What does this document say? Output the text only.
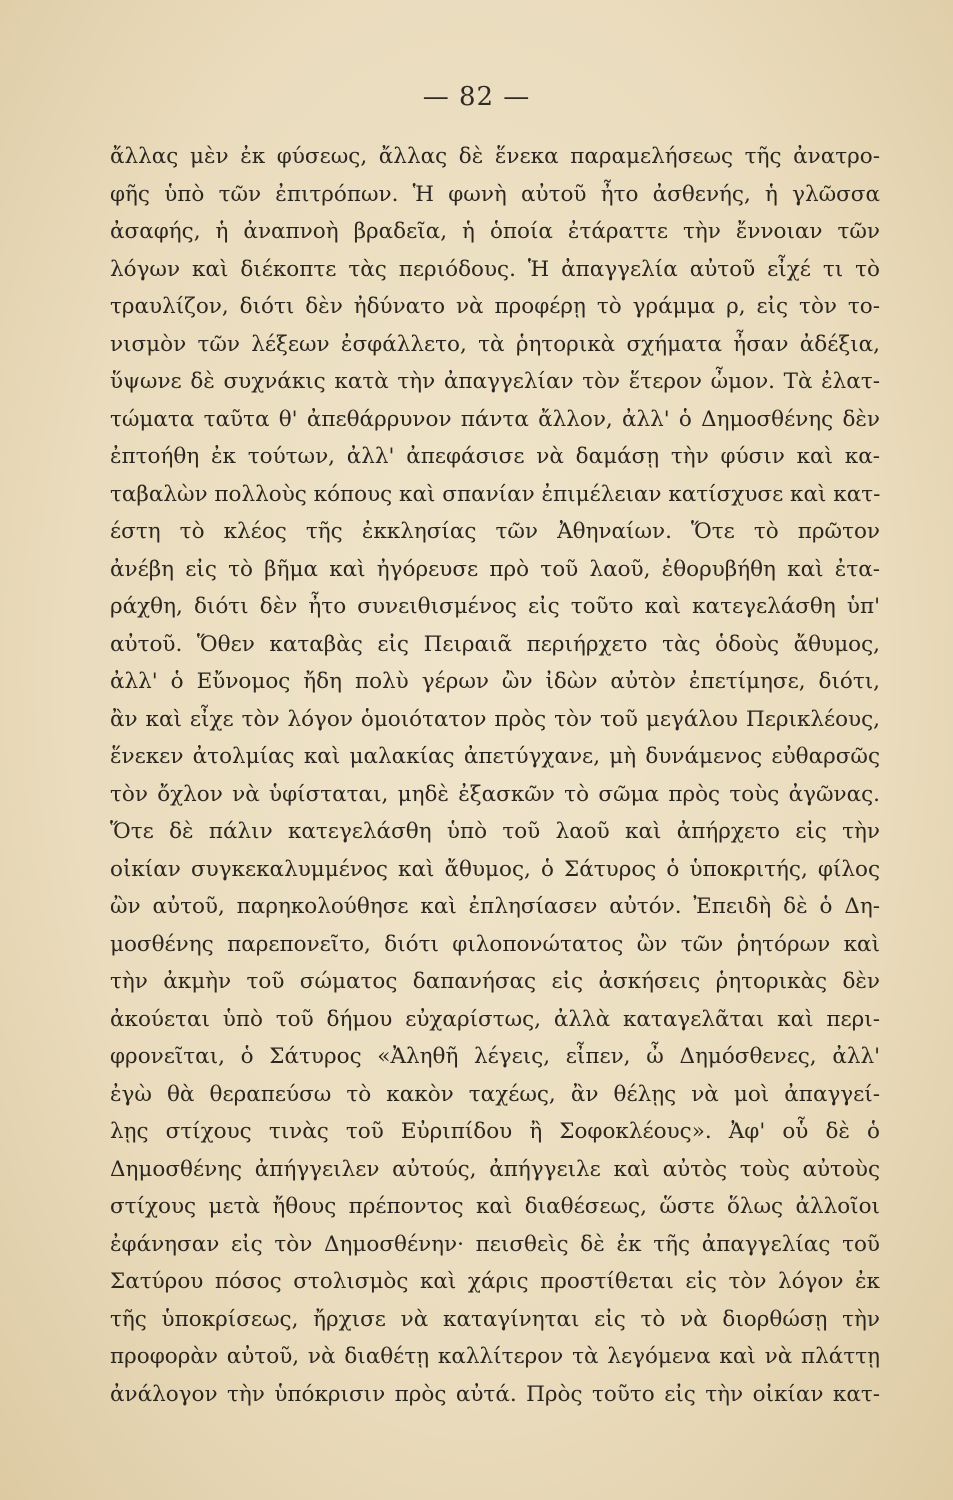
— 82 —
ἄλλας μὲν ἐκ φύσεως, ἄλλας δὲ ἕνεκα παραμελήσεως τῆς ἀνατρο-
φῆς ὑπὸ τῶν ἐπιτρόπων. Ἡ φωνὴ αὐτοῦ ἦτο ἀσθενής, ἡ γλῶσσα
ἀσαφής, ἡ ἀναπνοὴ βραδεῖα, ἡ ὁποία ἐτάραττε τὴν ἔννοιαν τῶν
λόγων καὶ διέκοπτε τὰς περιόδους. Ἡ ἀπαγγελία αὐτοῦ εἶχέ τι τὸ
τραυλίζον, διότι δὲν ἠδύνατο νὰ προφέρῃ τὸ γράμμα ρ, εἰς τὸν το-
νισμὸν τῶν λέξεων ἐσφάλλετο, τὰ ῥητορικὰ σχήματα ἦσαν ἀδέξια,
ὕψωνε δὲ συχνάκις κατὰ τὴν ἀπαγγελίαν τὸν ἕτερον ὦμον. Τὰ ἐλατ-
τώματα ταῦτα θ' ἀπεθάρρυνον πάντα ἄλλον, ἀλλ' ὁ Δημοσθένης δὲν
ἐπτοήθη ἐκ τούτων, ἀλλ' ἀπεφάσισε νὰ δαμάσῃ τὴν φύσιν καὶ κα-
ταβαλὼν πολλοὺς κόπους καὶ σπανίαν ἐπιμέλειαν κατίσχυσε καὶ κατ-
έστη τὸ κλέος τῆς ἐκκλησίας τῶν Ἀθηναίων. Ὅτε τὸ πρῶτον
ἀνέβη εἰς τὸ βῆμα καὶ ἠγόρευσε πρὸ τοῦ λαοῦ, ἐθορυβήθη καὶ ἐτα-
ράχθη, διότι δὲν ἦτο συνειθισμένος εἰς τοῦτο καὶ κατεγελάσθη ὑπ'
αὐτοῦ. Ὅθεν καταβὰς εἰς Πειραιᾶ περιήρχετο τὰς ὁδοὺς ἄθυμος,
ἀλλ' ὁ Εὔνομος ἤδη πολὺ γέρων ὢν ἰδὼν αὐτὸν ἐπετίμησε, διότι,
ἂν καὶ εἶχε τὸν λόγον ὁμοιότατον πρὸς τὸν τοῦ μεγάλου Περικλέους,
ἕνεκεν ἀτολμίας καὶ μαλακίας ἀπετύγχανε, μὴ δυνάμενος εὐθαρσῶς
τὸν ὄχλον νὰ ὑφίσταται, μηδὲ ἐξασκῶν τὸ σῶμα πρὸς τοὺς ἀγῶνας.
Ὅτε δὲ πάλιν κατεγελάσθη ὑπὸ τοῦ λαοῦ καὶ ἀπήρχετο εἰς τὴν
οἰκίαν συγκεκαλυμμένος καὶ ἄθυμος, ὁ Σάτυρος ὁ ὑποκριτής, φίλος
ὢν αὐτοῦ, παρηκολούθησε καὶ ἐπλησίασεν αὐτόν. Ἐπειδὴ δὲ ὁ Δη-
μοσθένης παρεπονεῖτο, διότι φιλοπονώτατος ὢν τῶν ῥητόρων καὶ
τὴν ἀκμὴν τοῦ σώματος δαπανήσας εἰς ἀσκήσεις ῥητορικὰς δὲν
ἀκούεται ὑπὸ τοῦ δήμου εὐχαρίστως, ἀλλὰ καταγελᾶται καὶ περι-
φρονεῖται, ὁ Σάτυρος «Ἀληθῆ λέγεις, εἶπεν, ὦ Δημόσθενες, ἀλλ'
ἐγὼ θὰ θεραπεύσω τὸ κακὸν ταχέως, ἂν θέλῃς νὰ μοὶ ἀπαγγεί-
λῃς στίχους τινὰς τοῦ Εὐριπίδου ἢ Σοφοκλέους». Ἀφ' οὗ δὲ ὁ
Δημοσθένης ἀπήγγειλεν αὐτούς, ἀπήγγειλε καὶ αὐτὸς τοὺς αὐτοὺς
στίχους μετὰ ἤθους πρέποντος καὶ διαθέσεως, ὥστε ὅλως ἀλλοῖοι
ἐφάνησαν εἰς τὸν Δημοσθένην· πεισθεὶς δὲ ἐκ τῆς ἀπαγγελίας τοῦ
Σατύρου πόσος στολισμὸς καὶ χάρις προστίθεται εἰς τὸν λόγον ἐκ
τῆς ὑποκρίσεως, ἤρχισε νὰ καταγίνηται εἰς τὸ νὰ διορθώσῃ τὴν
προφορὰν αὐτοῦ, νὰ διαθέτῃ καλλίτερον τὰ λεγόμενα καὶ νὰ πλάττῃ
ἀνάλογον τὴν ὑπόκρισιν πρὸς αὐτά. Πρὸς τοῦτο εἰς τὴν οἰκίαν κατ-
